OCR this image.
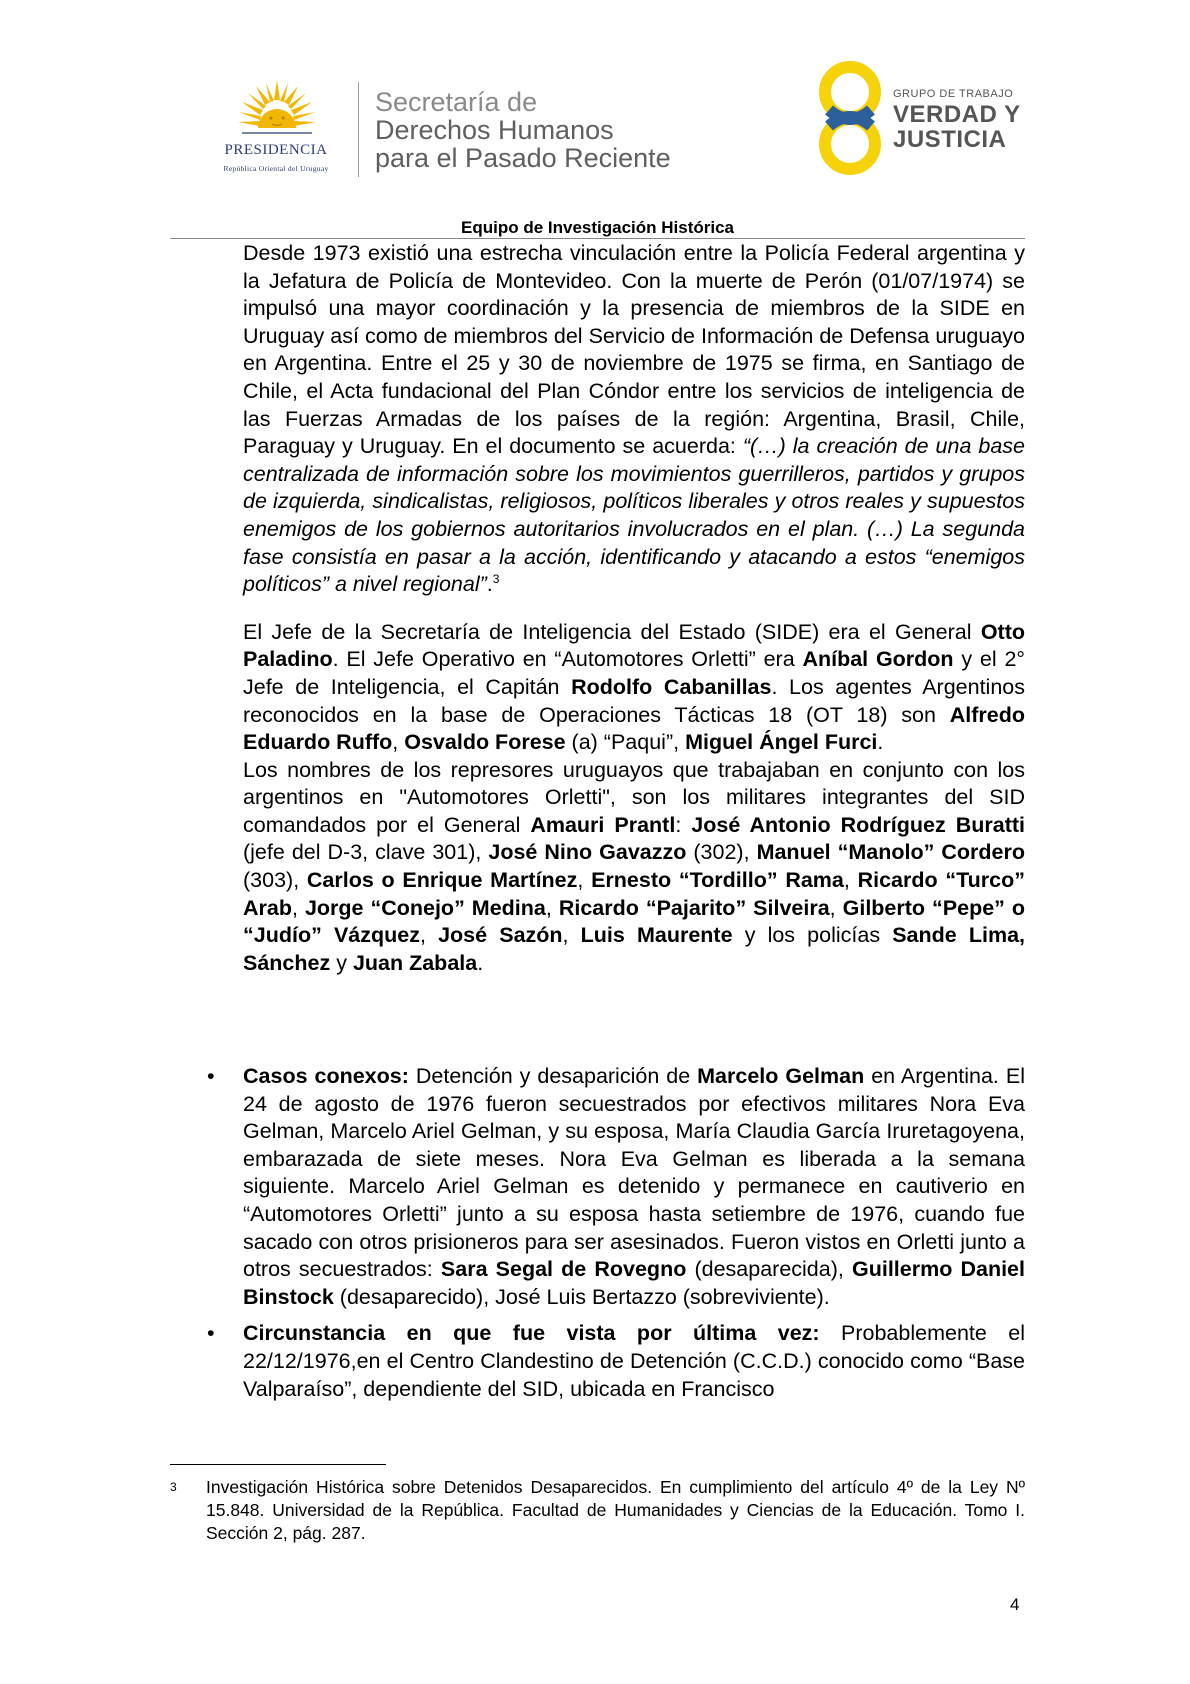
PRESIDENCIA
República Oriental del Uruguay
Secretaría de
Derechos Humanos
para el Pasado Reciente
GRUPO DE TRABAJO
VERDAD Y
JUSTICIA
Equipo de Investigación Histórica

Desde 1973 existió una estrecha vinculación entre la Policía Federal argentina y la Jefatura de Policía de Montevideo. Con la muerte de Perón (01/07/1974) se impulsó una mayor coordinación y la presencia de miembros de la SIDE en Uruguay así como de miembros del Servicio de Información de Defensa uruguayo en Argentina. Entre el 25 y 30 de noviembre de 1975 se firma, en Santiago de Chile, el Acta fundacional del Plan Cóndor entre los servicios de inteligencia de las Fuerzas Armadas de los países de la región: Argentina, Brasil, Chile, Paraguay y Uruguay. En el documento se acuerda: “(…) la creación de una base centralizada de información sobre los movimientos guerrilleros, partidos y grupos de izquierda, sindicalistas, religiosos, políticos liberales y otros reales y supuestos enemigos de los gobiernos autoritarios involucrados en el plan. (…) La segunda fase consistía en pasar a la acción, identificando y atacando a estos “enemigos políticos” a nivel regional”.$^3$

El Jefe de la Secretaría de Inteligencia del Estado (SIDE) era el General Otto Paladino. El Jefe Operativo en “Automotores Orletti” era Aníbal Gordon y el 2° Jefe de Inteligencia, el Capitán Rodolfo Cabanillas. Los agentes Argentinos reconocidos en la base de Operaciones Tácticas 18 (OT 18) son Alfredo Eduardo Ruffo, Osvaldo Forese (a) “Paqui”, Miguel Ángel Furci.

Los nombres de los represores uruguayos que trabajaban en conjunto con los argentinos en "Automotores Orletti", son los militares integrantes del SID comandados por el General Amauri Prantl: José Antonio Rodríguez Buratti (jefe del D-3, clave 301), José Nino Gavazzo (302), Manuel “Manolo” Cordero (303), Carlos o Enrique Martínez, Ernesto “Tordillo” Rama, Ricardo “Turco” Arab, Jorge “Conejo” Medina, Ricardo “Pajarito” Silveira, Gilberto “Pepe” o “Judío” Vázquez, José Sazón, Luis Maurente y los policías Sande Lima, Sánchez y Juan Zabala.

• Casos conexos: Detención y desaparición de Marcelo Gelman en Argentina. El 24 de agosto de 1976 fueron secuestrados por efectivos militares Nora Eva Gelman, Marcelo Ariel Gelman, y su esposa, María Claudia García Iruretagoyena, embarazada de siete meses. Nora Eva Gelman es liberada a la semana siguiente. Marcelo Ariel Gelman es detenido y permanece en cautiverio en “Automotores Orletti” junto a su esposa hasta setiembre de 1976, cuando fue sacado con otros prisioneros para ser asesinados. Fueron vistos en Orletti junto a otros secuestrados: Sara Segal de Rovegno (desaparecida), Guillermo Daniel Binstock (desaparecido), José Luis Bertazzo (sobreviviente).
• Circunstancia en que fue vista por última vez: Probablemente el 22/12/1976,en el Centro Clandestino de Detención (C.C.D.) conocido como “Base Valparaíso”, dependiente del SID, ubicada en Francisco
3 Investigación Histórica sobre Detenidos Desaparecidos. En cumplimiento del artículo 4º de la Ley Nº 15.848. Universidad de la República. Facultad de Humanidades y Ciencias de la Educación. Tomo I. Sección 2, pág. 287.
4
